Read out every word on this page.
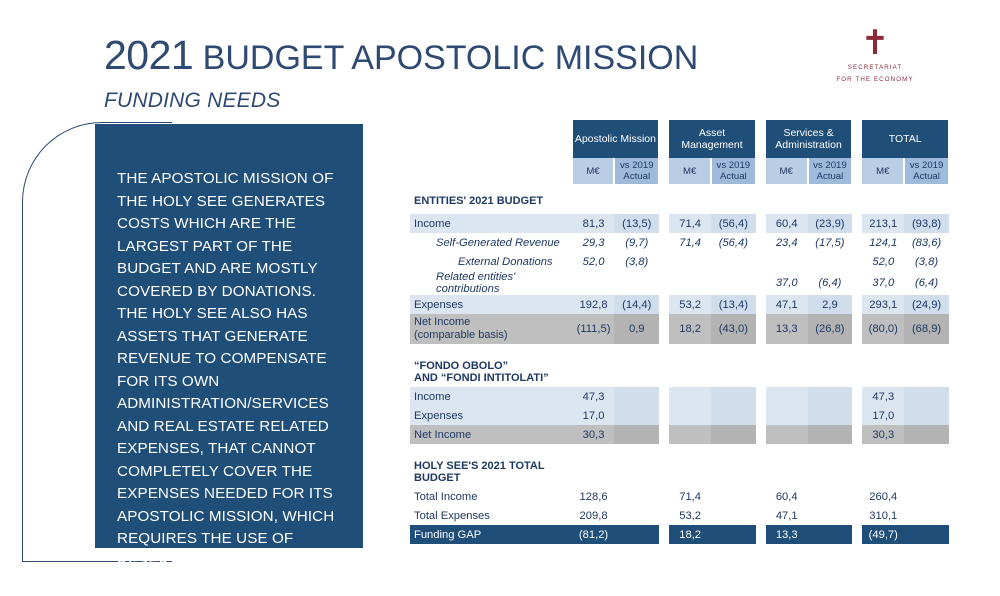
2021 BUDGET APOSTOLIC MISSION
FUNDING NEEDS
✝
SECRETARIAT
FOR THE ECONOMY
THE APOSTOLIC MISSION OF THE HOLY SEE GENERATES COSTS WHICH ARE THE LARGEST PART OF THE BUDGET AND ARE MOSTLY COVERED BY DONATIONS. THE HOLY SEE ALSO HAS ASSETS THAT GENERATE REVENUE TO COMPENSATE FOR ITS OWN ADMINISTRATION/SERVICES AND REAL ESTATE RELATED EXPENSES, THAT CANNOT COMPLETELY COVER THE EXPENSES NEEDED FOR ITS APOSTOLIC MISSION, WHICH REQUIRES THE USE OF RESERVES FOR ITS FUNDING.
	Apostolic Mission			Asset Management			Services & Administration			TOTAL	
	M€	vs 2019 Actual		M€	vs 2019 Actual		M€	vs 2019 Actual		M€	vs 2019 Actual
ENTITIES' 2021 BUDGET											
Income	81,3	(13,5)		71,4	(56,4)		60,4	(23,9)		213,1	(93,8)
Self-Generated Revenue	29,3	(9,7)		71,4	(56,4)		23,4	(17,5)		124,1	(83,6)
External Donations	52,0	(3,8)								52,0	(3,8)
Related entities' contributions							37,0	(6,4)		37,0	(6,4)
Expenses	192,8	(14,4)		53,2	(13,4)		47,1	2,9		293,1	(24,9)
Net Income
(comparable basis)	(111,5)	0,9		18,2	(43,0)		13,3	(26,8)		(80,0)	(68,9)

“FONDO OBOLO”
AND “FONDI INTITOLATI”											
Income	47,3									47,3	
Expenses	17,0									17,0	
Net Income	30,3									30,3	

HOLY SEE'S 2021 TOTAL BUDGET											
Total Income	128,6			71,4			60,4			260,4	
Total Expenses	209,8			53,2			47,1			310,1	
Funding GAP	(81,2)			18,2			13,3			(49,7)	
